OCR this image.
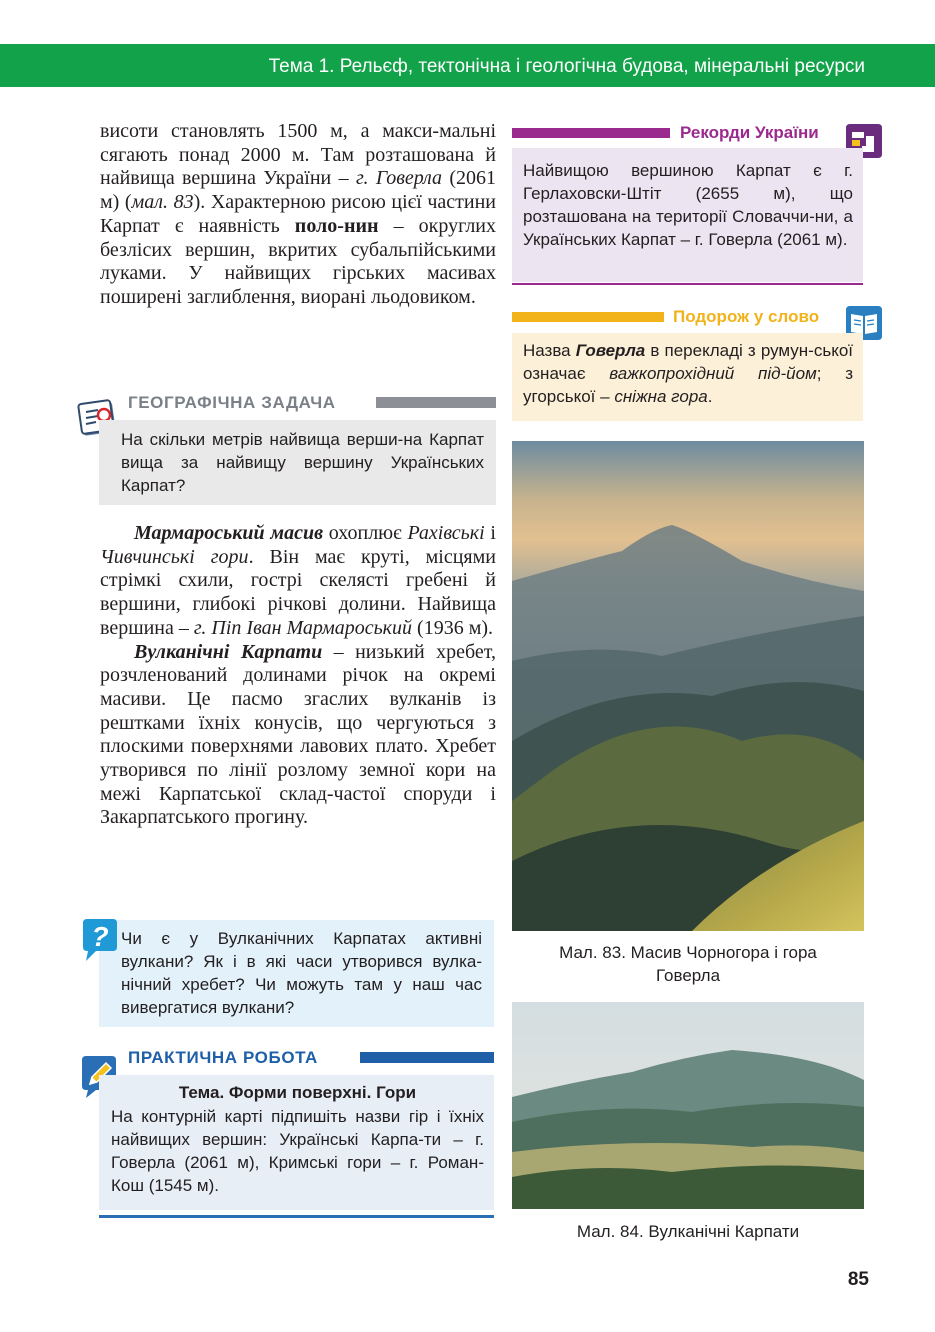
Тема 1. Рельєф, тектонічна і геологічна будова, мінеральні ресурси

висоти становлять 1500 м, а макси-мальні сягають понад 2000 м. Там розташована й найвища вершина України – г. Говерла (2061 м) (мал. 83). Характерною рисою цієї частини Карпат є наявність поло-нин – округлих безлісих вершин, вкритих субальпійськими луками. У найвищих гірських масивах поширені заглиблення, виорані льодовиком.

ГЕОГРАФІЧНА ЗАДАЧА

На скільки метрів найвища верши-на Карпат вища за найвищу вершину Українських Карпат?

Мармароський масив охоплює Рахівські і Чивчинські гори. Він має круті, місцями стрімкі схили, гострі скелясті гребені й вершини, глибокі річкові долини. Найвища вершина – г. Піп Іван Мармароський (1936 м).

Вулканічні Карпати – низький хребет, розчленований долинами річок на окремі масиви. Це пасмо згаслих вулканів із рештками їхніх конусів, що чергуються з плоскими поверхнями лавових плато. Хребет утворився по лінії розлому земної кори на межі Карпатської склад-частої споруди і Закарпатського прогину.

Чи є у Вулканічних Карпатах активні вулкани? Як і в які часи утворився вулка-нічний хребет? Чи можуть там у наш час вивергатися вулкани?

?
ПРАКТИЧНА РОБОТА
Тема. Форми поверхні. Гори

На контурній карті підпишіть назви гір і їхніх найвищих вершин: Українські Карпа-ти – г. Говерла (2061 м), Кримські гори – г. Роман-Кош (1545 м).

Рекорди України

Найвищою вершиною Карпат є г. Герлаховски-Штіт (2655 м), що розташована на території Словаччи-ни, а Українських Карпат – г. Говерла (2061 м).

Подорож у слово

Назва Говерла в перекладі з румун-ської означає важкопрохідний під-йом; з угорської – сніжна гора.

Мал. 83. Масив Чорногора і гора
Говерла
Мал. 84. Вулканічні Карпати
85
